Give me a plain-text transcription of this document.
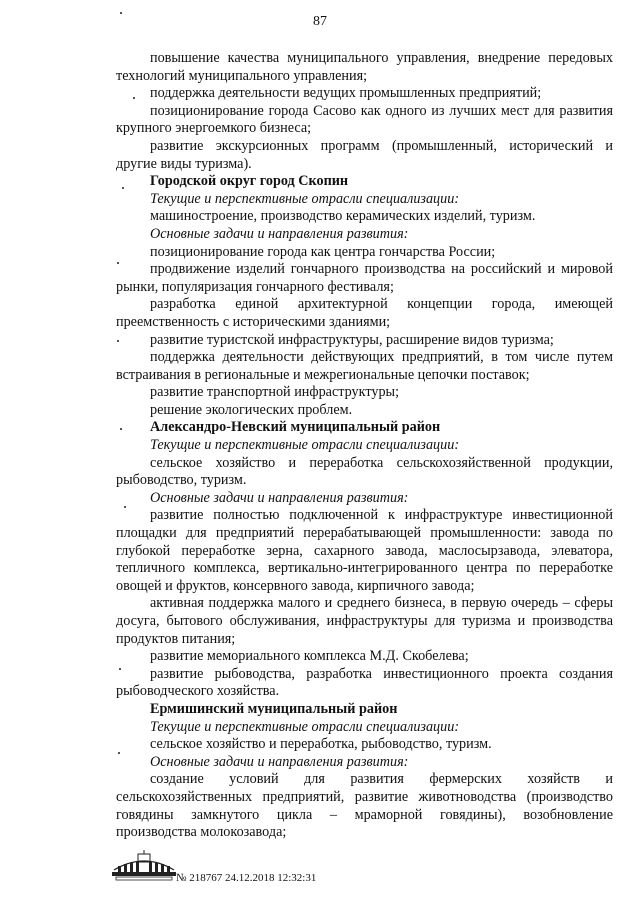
87
повышение качества муниципального управления, внедрение передовых технологий муниципального управления;
поддержка деятельности ведущих промышленных предприятий;
позиционирование города Сасово как одного из лучших мест для развития крупного энергоемкого бизнеса;
развитие экскурсионных программ (промышленный, исторический и другие виды туризма).
Городской округ город Скопин
Текущие и перспективные отрасли специализации:
машиностроение, производство керамических изделий, туризм.
Основные задачи и направления развития:
позиционирование города как центра гончарства России;
продвижение изделий гончарного производства на российский и мировой рынки, популяризация гончарного фестиваля;
разработка единой архитектурной концепции города, имеющей преемственность с историческими зданиями;
развитие туристской инфраструктуры, расширение видов туризма;
поддержка деятельности действующих предприятий, в том числе путем встраивания в региональные и межрегиональные цепочки поставок;
развитие транспортной инфраструктуры;
решение экологических проблем.
Александро-Невский муниципальный район
Текущие и перспективные отрасли специализации:
сельское хозяйство и переработка сельскохозяйственной продукции, рыбоводство, туризм.
Основные задачи и направления развития:
развитие полностью подключенной к инфраструктуре инвестиционной площадки для предприятий перерабатывающей промышленности: завода по глубокой переработке зерна, сахарного завода, маслосырзавода, элеватора, тепличного комплекса, вертикально-интегрированного центра по переработке овощей и фруктов, консервного завода, кирпичного завода;
активная поддержка малого и среднего бизнеса, в первую очередь – сферы досуга, бытового обслуживания, инфраструктуры для туризма и производства продуктов питания;
развитие мемориального комплекса М.Д. Скобелева;
развитие рыбоводства, разработка инвестиционного проекта создания рыбоводческого хозяйства.
Ермишинский муниципальный район
Текущие и перспективные отрасли специализации:
сельское хозяйство и переработка, рыбоводство, туризм.
Основные задачи и направления развития:
создание условий для развития фермерских хозяйств и сельскохозяйственных предприятий, развитие животноводства (производство говядины замкнутого цикла – мраморной говядины), возобновление производства молокозавода;
№ 218767 24.12.2018 12:32:31
